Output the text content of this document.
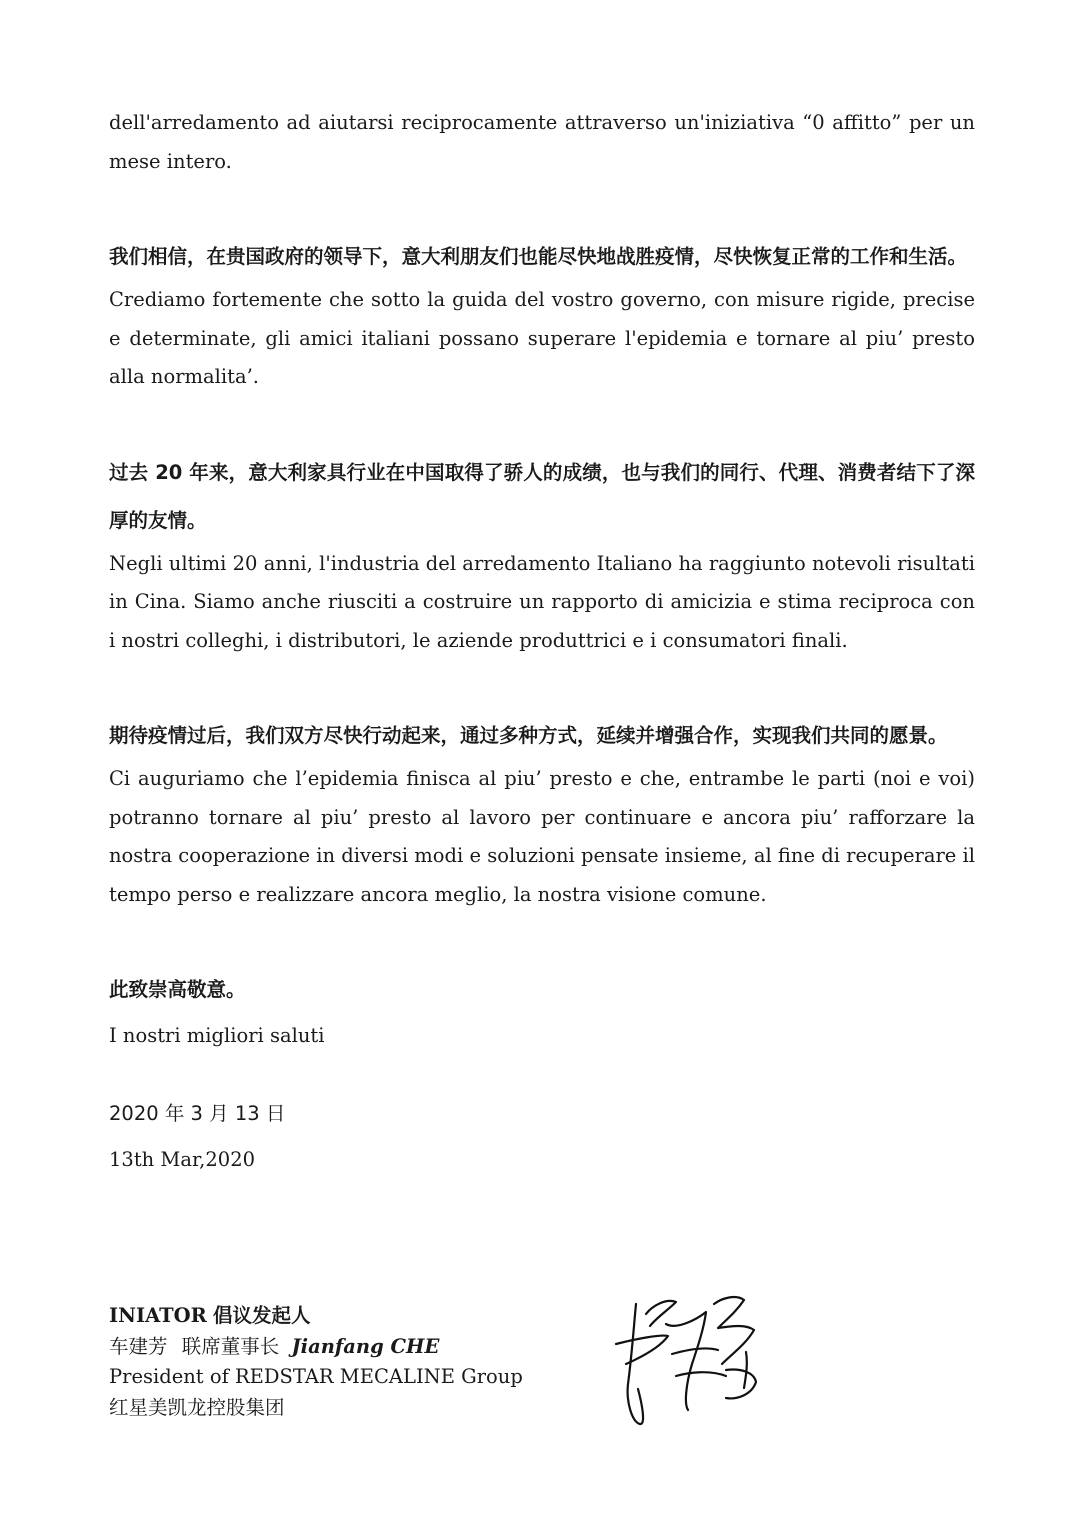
dell'arredamento ad aiutarsi reciprocamente attraverso un'iniziativa “0 affitto” per un mese intero.

我们相信，在贵国政府的领导下，意大利朋友们也能尽快地战胜疫情，尽快恢复正常的工作和生活。

Crediamo fortemente che sotto la guida del vostro governo, con misure rigide, precise e determinate, gli amici italiani possano superare l'epidemia e tornare al piu’ presto alla normalita’.

过去 20 年来，意大利家具行业在中国取得了骄人的成绩，也与我们的同行、代理、消费者结下了深厚的友情。

Negli ultimi 20 anni, l'industria del arredamento Italiano ha raggiunto notevoli risultati in Cina. Siamo anche riusciti a costruire un rapporto di amicizia e stima reciproca con i nostri colleghi, i distributori, le aziende produttrici e i consumatori finali.

期待疫情过后，我们双方尽快行动起来，通过多种方式，延续并增强合作，实现我们共同的愿景。

Ci auguriamo che l’epidemia finisca al piu’ presto e che, entrambe le parti (noi e voi) potranno tornare al piu’ presto al lavoro per continuare e ancora piu’ rafforzare la nostra cooperazione in diversi modi e soluzioni pensate insieme, al fine di recuperare il tempo perso e realizzare ancora meglio, la nostra visione comune.

此致崇高敬意。

I nostri migliori saluti

2020 年 3 月 13 日

13th Mar,2020

INIATOR 倡议发起人

车建芳 联席董事长 Jianfang CHE

President of REDSTAR MECALINE Group

红星美凯龙控股集团
